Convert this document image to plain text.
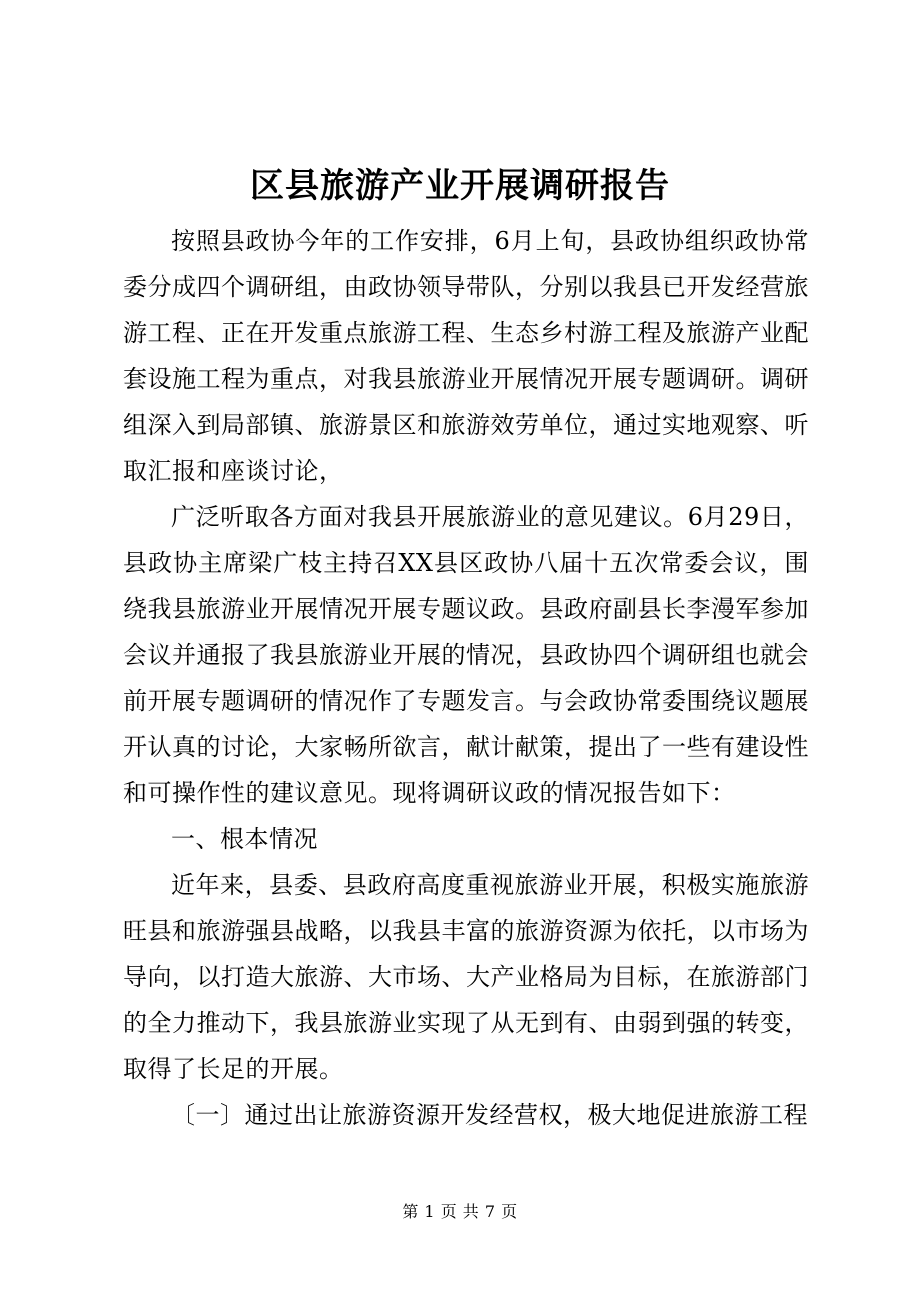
区县旅游产业开展调研报告

按照县政协今年的工作安排，6月上旬，县政协组织政协常委分成四个调研组，由政协领导带队，分别以我县已开发经营旅游工程、正在开发重点旅游工程、生态乡村游工程及旅游产业配套设施工程为重点，对我县旅游业开展情况开展专题调研。调研组深入到局部镇、旅游景区和旅游效劳单位，通过实地观察、听取汇报和座谈讨论，

广泛听取各方面对我县开展旅游业的意见建议。6月29日，县政协主席梁广枝主持召XX县区政协八届十五次常委会议，围绕我县旅游业开展情况开展专题议政。县政府副县长李漫军参加会议并通报了我县旅游业开展的情况，县政协四个调研组也就会前开展专题调研的情况作了专题发言。与会政协常委围绕议题展开认真的讨论，大家畅所欲言，献计献策，提出了一些有建设性和可操作性的建议意见。现将调研议政的情况报告如下：

一、根本情况

近年来，县委、县政府高度重视旅游业开展，积极实施旅游旺县和旅游强县战略，以我县丰富的旅游资源为依托，以市场为导向，以打造大旅游、大市场、大产业格局为目标，在旅游部门的全力推动下，我县旅游业实现了从无到有、由弱到强的转变，取得了长足的开展。

〔一〕通过出让旅游资源开发经营权，极大地促进旅游工程

第 1 页 共 7 页
